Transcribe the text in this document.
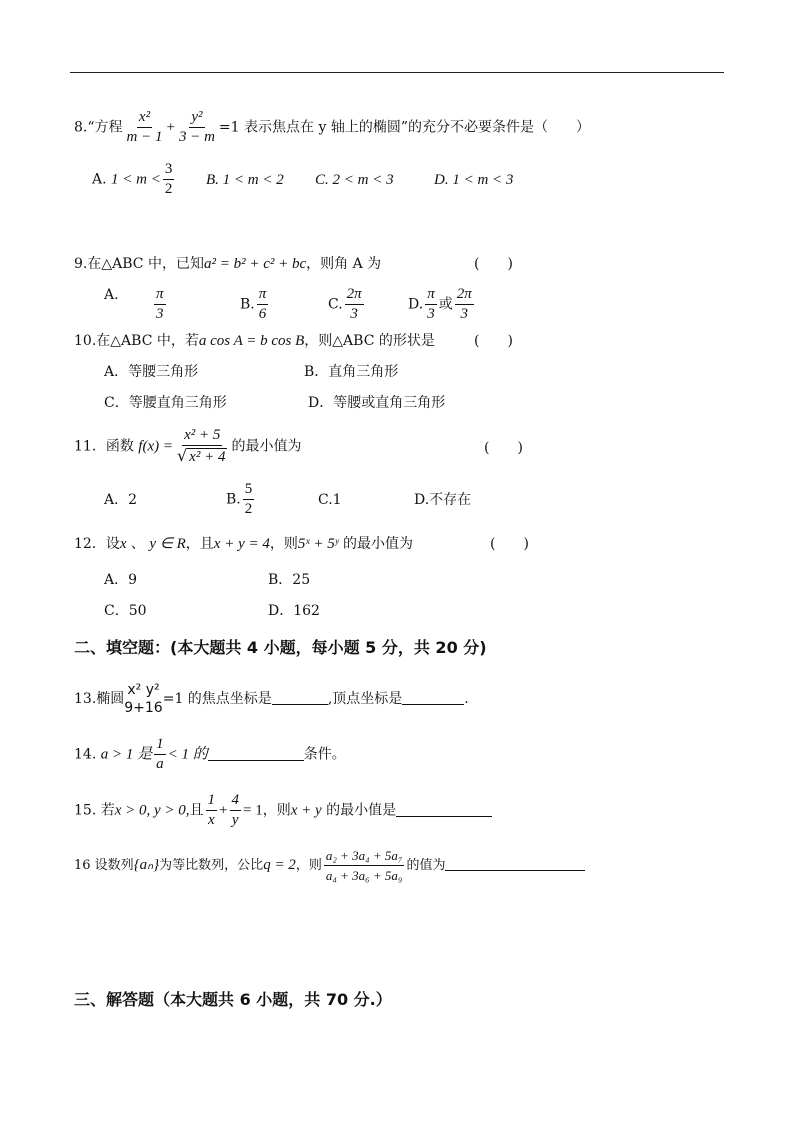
8.“方程 $\frac{\text{x²}}{m - 1} + \frac{\text{y²}}{3 - m} =1$ 表示焦点在 y 轴上的椭圆”的充分不必要条件是（　　）
A. $1 < m < \frac{3}{2} B$. 1 < m < 2 C. 2 < m < 3	D. 1 < m < 3
9.在△ABC 中，已知a² = b² + c² + bc，则角 A 为	(　　)
A. $\frac{\pi}{3}$	B. $\frac{\pi}{6}$	C. $\frac{2\pi}{3}$	D. $\frac{\pi}{3}$ 或 $\frac{2\pi}{3}$
10.在△ABC 中，若a cos A = b cos B，则△ABC 的形状是	(　　)
A．等腰三角形	B．直角三角形
C．等腰直角三角形	D．等腰或直角三角形
11．函数 $f(x) = \frac{\text{x² + 5}}{\text{√ x² + 4}}$ 的最小值为	(　　)
A．2	B. $\frac{5}{2}$	C.1	D.不存在
12．设x 、 y ∈ R，且x + y = 4，则5ˣ + 5ʸ 的最小值为	(　　)
A．9	B．25
C．50	D．162
二、填空题：(本大题共 4 小题，每小题 5 分，共 20 分)
13.椭圆
x² y²
9+16
=1 的焦点坐标是	,顶点坐标是	.
14. a > 1 是 $\frac{1}{a} < 1$ 的	条件。
15. 若x > 0, y > 0,且 $\frac{1}{x} + \frac{4}{y} = 1$，则x + y 的最小值是
16 设数列{aₙ}为等比数列，公比q = 2，则 $\frac{\text{a₂ + 3a₄ + 5a₇}}{\text{a₄ + 3a₆ + 5a₉}}$ 的值为
三、解答题（本大题共 6 小题，共 70 分.）
